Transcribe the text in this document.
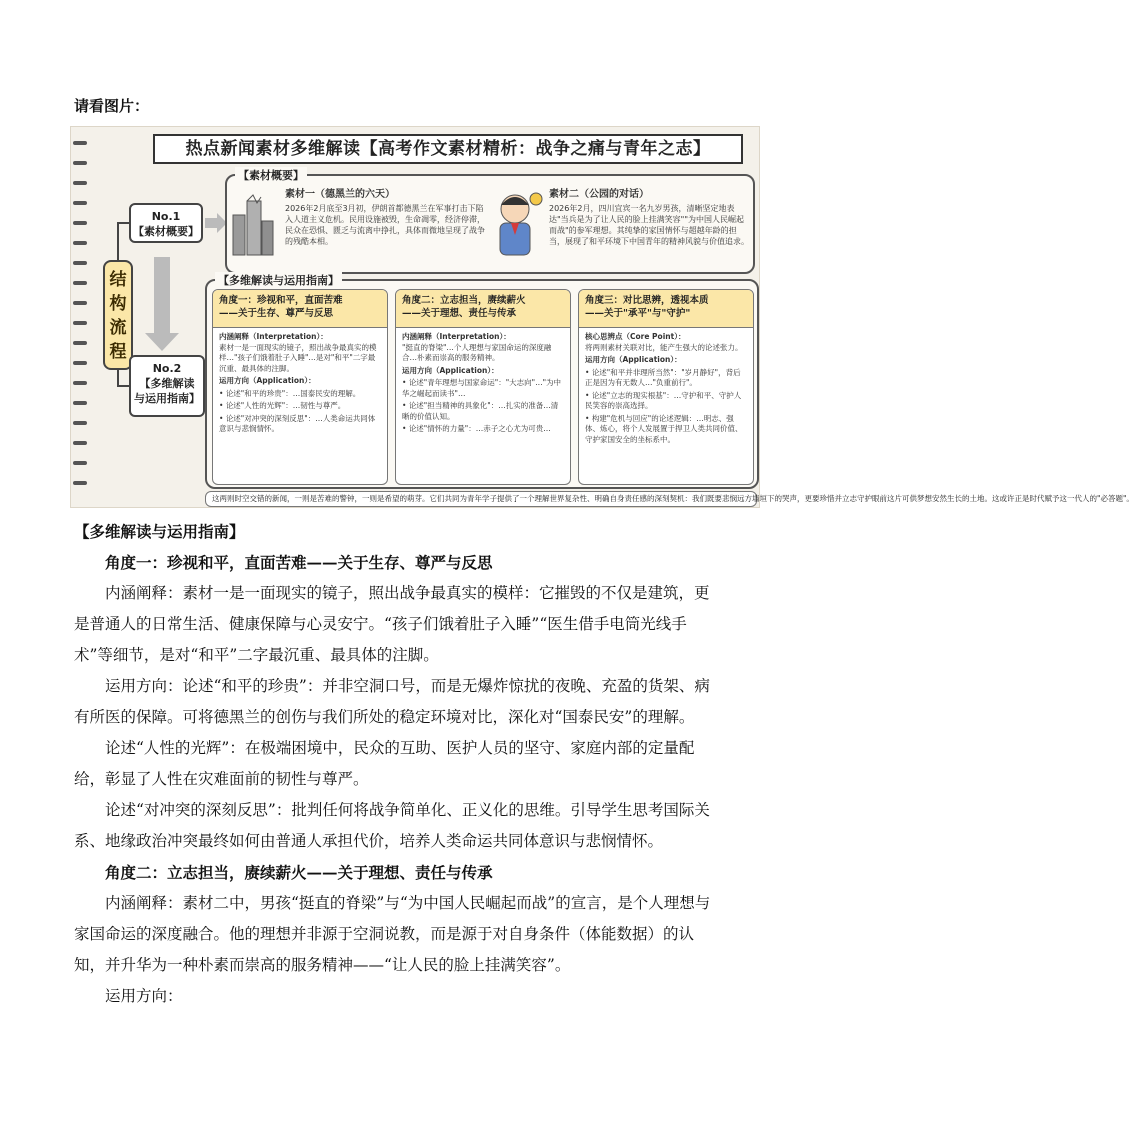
请看图片：
热点新闻素材多维解读【高考作文素材精析：战争之痛与青年之志】
结
构
流
程
No.1
【素材概要】
No.2
【多维解读
与运用指南】
【素材概要】
素材一（德黑兰的六天）
2026年2月底至3月初，伊朗首都德黑兰在军事打击下陷入人道主义危机。民用设施被毁，生命凋零，经济停滞，民众在恐惧、匮乏与流离中挣扎，具体而微地呈现了战争的残酷本相。
素材二（公园的对话）
2026年2月，四川宜宾一名九岁男孩，清晰坚定地表达"当兵是为了让人民的脸上挂满笑容""为中国人民崛起而战"的参军理想。其纯挚的家国情怀与超越年龄的担当，展现了和平环境下中国青年的精神风貌与价值追求。
【多维解读与运用指南】
角度一：珍视和平，直面苦难
——关于生存、尊严与反思

内涵阐释（Interpretation）：
素材一是一面现实的镜子，照出战争最真实的模样…"孩子们饿着肚子入睡"…是对"和平"二字最沉重、最具体的注脚。

运用方向（Application）：

• 论述"和平的珍贵"：…国泰民安的理解。

• 论述"人性的光辉"：…韧性与尊严。

• 论述"对冲突的深刻反思"：…人类命运共同体意识与悲悯情怀。

角度二：立志担当，赓续薪火
——关于理想、责任与传承

内涵阐释（Interpretation）：
"挺直的脊梁"…个人理想与家国命运的深度融合…朴素而崇高的服务精神。

运用方向（Application）：

• 论述"青年理想与国家命运"："大志向"…"为中华之崛起而读书"…

• 论述"担当精神的具象化"：…扎实的准备…清晰的价值认知。

• 论述"情怀的力量"：…赤子之心尤为可贵…

角度三：对比思辨，透视本质
——关于"承平"与"守护"

核心思辨点（Core Point）：
将两则素材关联对比，能产生强大的论述张力。

运用方向（Application）：

• 论述"和平并非理所当然"："岁月静好"，背后正是因为有无数人…"负重前行"。

• 论述"立志的现实根基"：…守护和平、守护人民笑容的崇高选择。

• 构建"危机与回应"的论述逻辑：…明志、强体、炼心，将个人发展置于捍卫人类共同价值、守护家国安全的坐标系中。

这两则时空交错的新闻，一则是苦难的警钟，一则是希望的萌芽。它们共同为青年学子提供了一个理解世界复杂性、明确自身责任感的深刻契机：我们既要悲悯远方墙垣下的哭声，更要珍惜并立志守护眼前这片可供梦想安然生长的土地。这或许正是时代赋予这一代人的"必答题"。
【多维解读与运用指南】
角度一：珍视和平，直面苦难——关于生存、尊严与反思
内涵阐释：素材一是一面现实的镜子，照出战争最真实的模样：它摧毁的不仅是建筑，更是普通人的日常生活、健康保障与心灵安宁。“孩子们饿着肚子入睡”“医生借手电筒光线手术”等细节，是对“和平”二字最沉重、最具体的注脚。
运用方向：论述“和平的珍贵”：并非空洞口号，而是无爆炸惊扰的夜晚、充盈的货架、病有所医的保障。可将德黑兰的创伤与我们所处的稳定环境对比，深化对“国泰民安”的理解。
论述“人性的光辉”：在极端困境中，民众的互助、医护人员的坚守、家庭内部的定量配给，彰显了人性在灾难面前的韧性与尊严。
论述“对冲突的深刻反思”：批判任何将战争简单化、正义化的思维。引导学生思考国际关系、地缘政治冲突最终如何由普通人承担代价，培养人类命运共同体意识与悲悯情怀。
角度二：立志担当，赓续薪火——关于理想、责任与传承
内涵阐释：素材二中，男孩“挺直的脊梁”与“为中国人民崛起而战”的宣言，是个人理想与家国命运的深度融合。他的理想并非源于空洞说教，而是源于对自身条件（体能数据）的认知，并升华为一种朴素而崇高的服务精神——“让人民的脸上挂满笑容”。
运用方向：
